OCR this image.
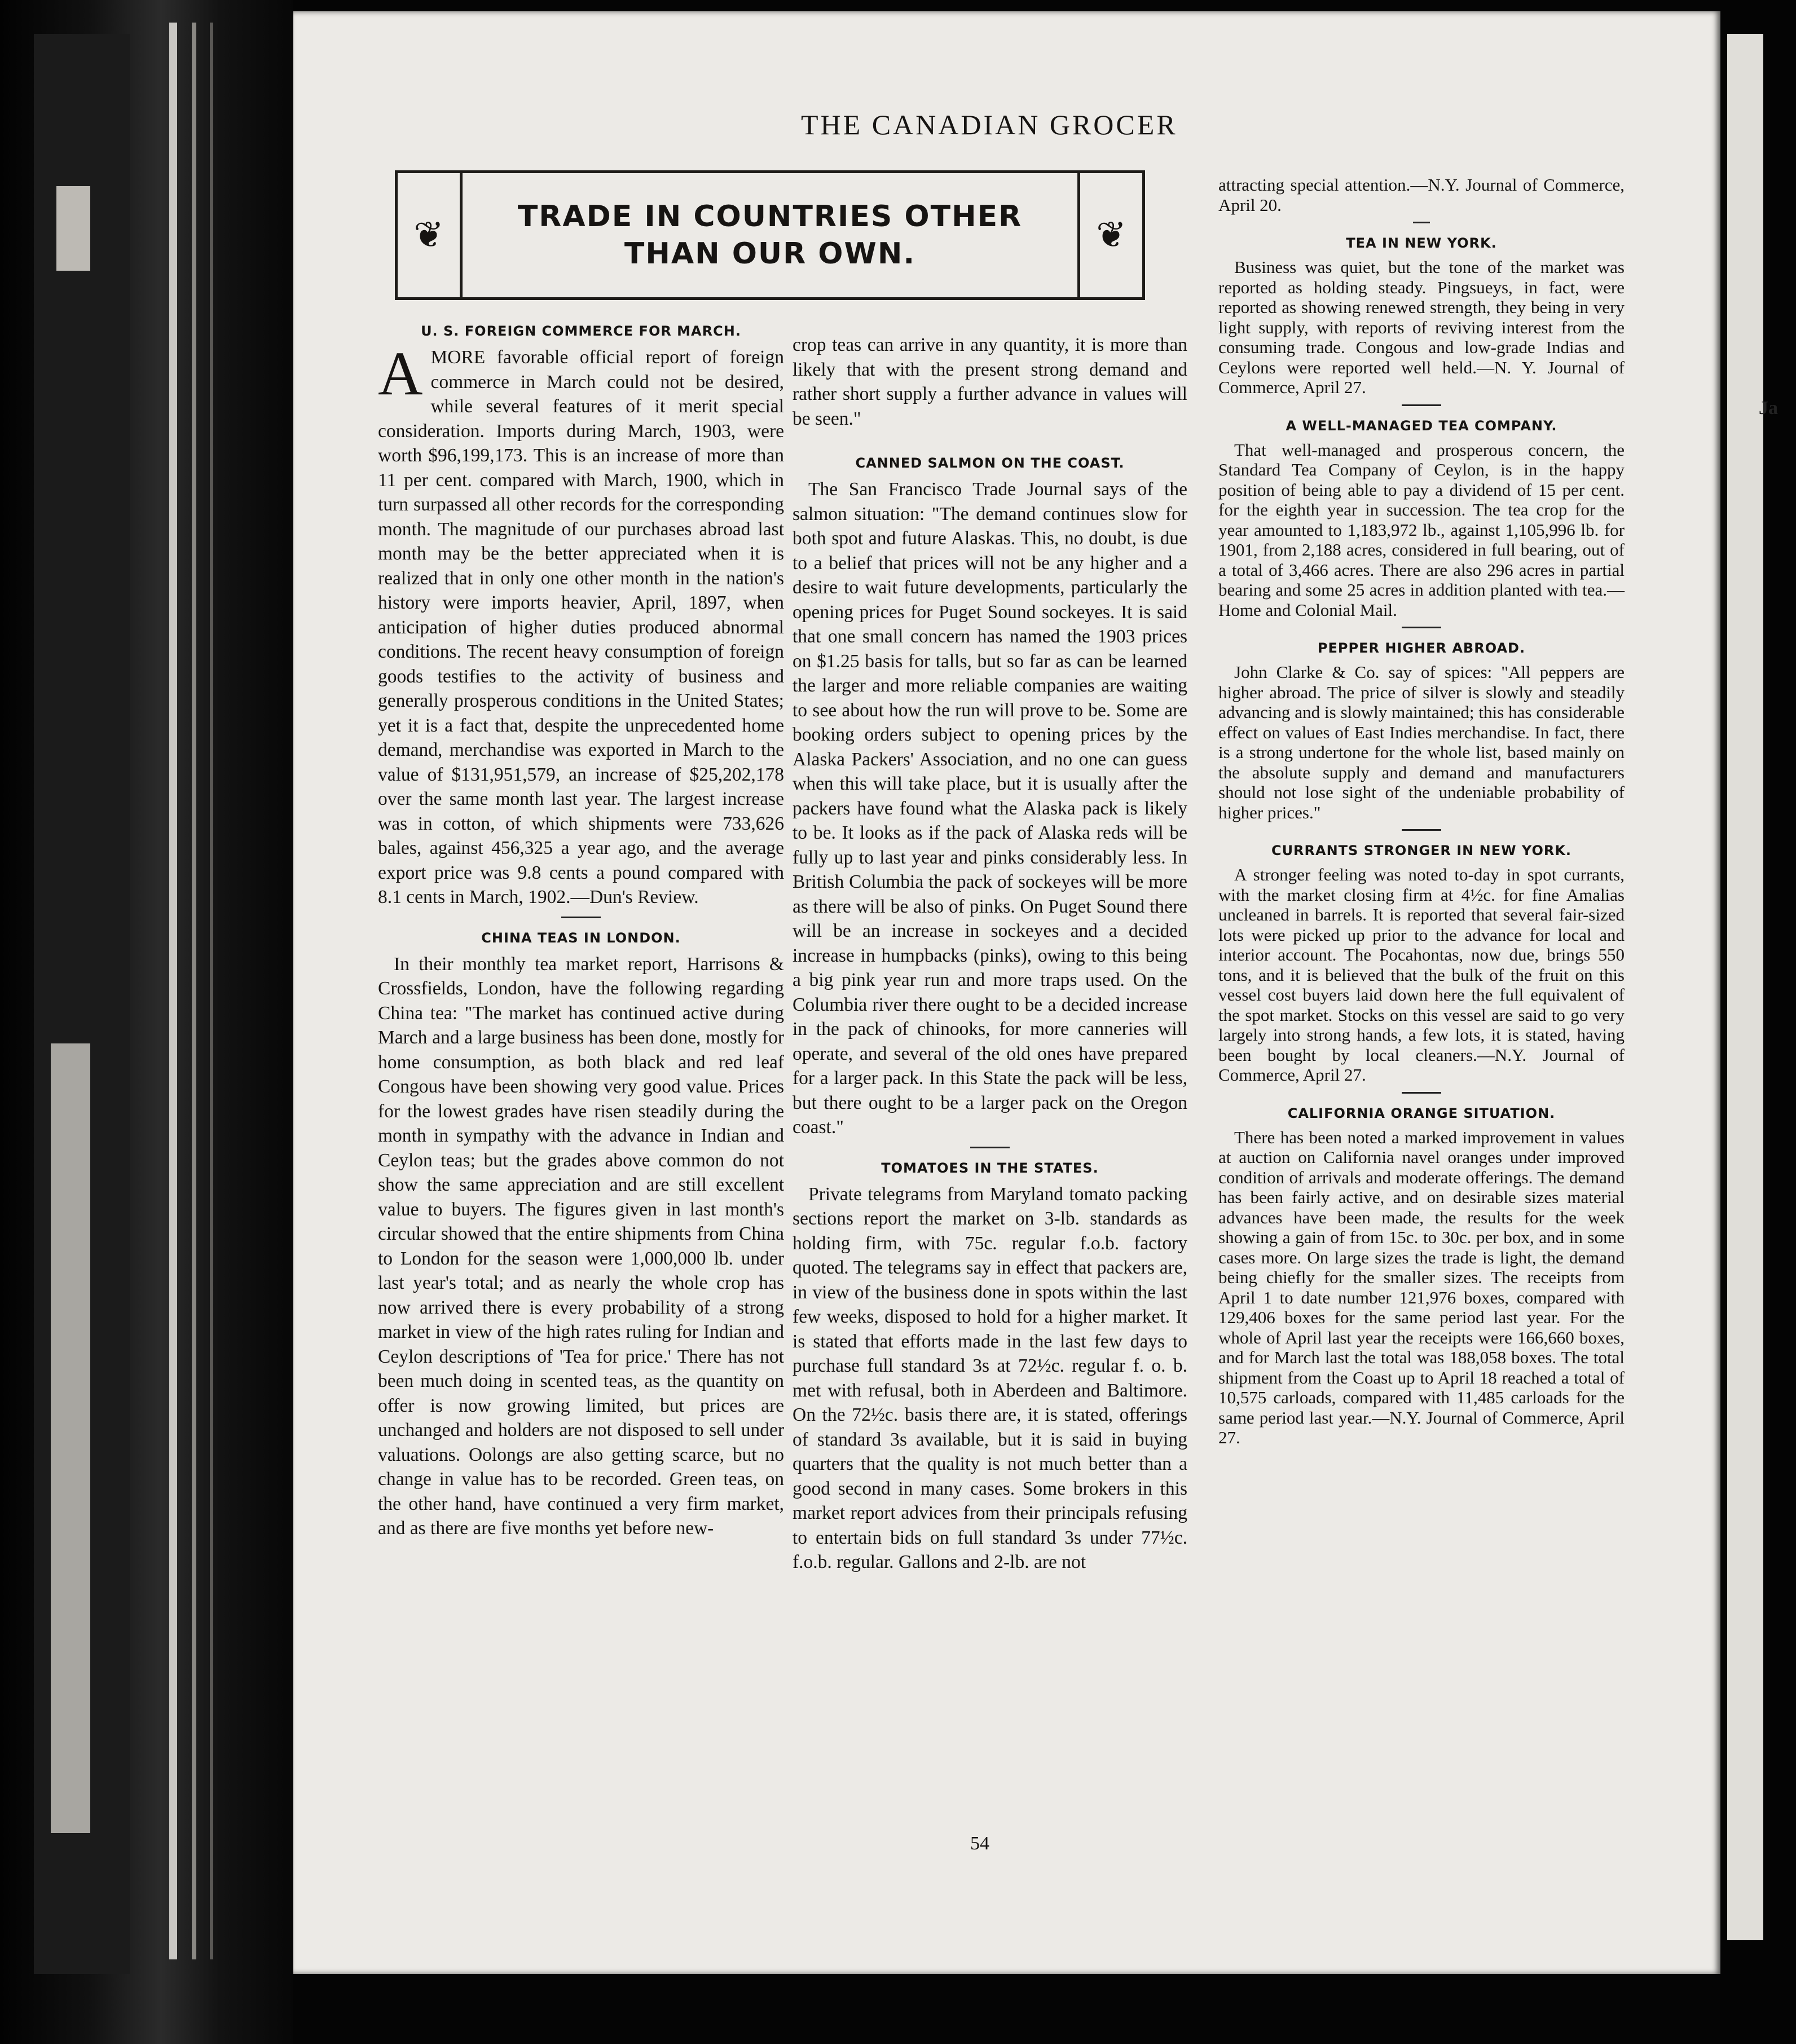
Ja
THE CANADIAN GROCER
❦	TRADE IN COUNTRIES OTHER THAN OUR OWN.	❦
U. S. FOREIGN COMMERCE FOR MARCH.

AMORE favorable official report of foreign commerce in March could not be desired, while several features of it merit special consideration. Imports during March, 1903, were worth $96,199,173. This is an increase of more than 11 per cent. compared with March, 1900, which in turn surpassed all other records for the corresponding month. The magnitude of our purchases abroad last month may be the better appreciated when it is realized that in only one other month in the nation's history were imports heavier, April, 1897, when anticipation of higher duties produced abnormal conditions. The recent heavy consumption of foreign goods testifies to the activity of business and generally prosperous conditions in the United States; yet it is a fact that, despite the unprecedented home demand, merchandise was exported in March to the value of $131,951,579, an increase of $25,202,178 over the same month last year. The largest increase was in cotton, of which shipments were 733,626 bales, against 456,325 a year ago, and the average export price was 9.8 cents a pound compared with 8.1 cents in March, 1902.—Dun's Review.

CHINA TEAS IN LONDON.

In their monthly tea market report, Harrisons & Crossfields, London, have the following regarding China tea: "The market has continued active during March and a large business has been done, mostly for home consumption, as both black and red leaf Congous have been showing very good value. Prices for the lowest grades have risen steadily during the month in sympathy with the advance in Indian and Ceylon teas; but the grades above common do not show the same appreciation and are still excellent value to buyers. The figures given in last month's circular showed that the entire shipments from China to London for the season were 1,000,000 lb. under last year's total; and as nearly the whole crop has now arrived there is every probability of a strong market in view of the high rates ruling for Indian and Ceylon descriptions of 'Tea for price.' There has not been much doing in scented teas, as the quantity on offer is now growing limited, but prices are unchanged and holders are not disposed to sell under valuations. Oolongs are also getting scarce, but no change in value has to be recorded. Green teas, on the other hand, have continued a very firm market, and as there are five months yet before new-

crop teas can arrive in any quantity, it is more than likely that with the present strong demand and rather short supply a further advance in values will be seen."

CANNED SALMON ON THE COAST.

The San Francisco Trade Journal says of the salmon situation: "The demand continues slow for both spot and future Alaskas. This, no doubt, is due to a belief that prices will not be any higher and a desire to wait future developments, particularly the opening prices for Puget Sound sockeyes. It is said that one small concern has named the 1903 prices on $1.25 basis for talls, but so far as can be learned the larger and more reliable companies are waiting to see about how the run will prove to be. Some are booking orders subject to opening prices by the Alaska Packers' Association, and no one can guess when this will take place, but it is usually after the packers have found what the Alaska pack is likely to be. It looks as if the pack of Alaska reds will be fully up to last year and pinks considerably less. In British Columbia the pack of sockeyes will be more as there will be also of pinks. On Puget Sound there will be an increase in sockeyes and a decided increase in humpbacks (pinks), owing to this being a big pink year run and more traps used. On the Columbia river there ought to be a decided increase in the pack of chinooks, for more canneries will operate, and several of the old ones have prepared for a larger pack. In this State the pack will be less, but there ought to be a larger pack on the Oregon coast."

TOMATOES IN THE STATES.

Private telegrams from Maryland tomato packing sections report the market on 3-lb. standards as holding firm, with 75c. regular f.o.b. factory quoted. The telegrams say in effect that packers are, in view of the business done in spots within the last few weeks, disposed to hold for a higher market. It is stated that efforts made in the last few days to purchase full standard 3s at 72½c. regular f. o. b. met with refusal, both in Aberdeen and Baltimore. On the 72½c. basis there are, it is stated, offerings of standard 3s available, but it is said in buying quarters that the quality is not much better than a good second in many cases. Some brokers in this market report advices from their principals refusing to entertain bids on full standard 3s under 77½c. f.o.b. regular. Gallons and 2-lb. are not

attracting special attention.—N.Y. Journal of Commerce, April 20.

TEA IN NEW YORK.

Business was quiet, but the tone of the market was reported as holding steady. Pingsueys, in fact, were reported as showing renewed strength, they being in very light supply, with reports of reviving interest from the consuming trade. Congous and low-grade Indias and Ceylons were reported well held.—N. Y. Journal of Commerce, April 27.

A WELL-MANAGED TEA COMPANY.

That well-managed and prosperous concern, the Standard Tea Company of Ceylon, is in the happy position of being able to pay a dividend of 15 per cent. for the eighth year in succession. The tea crop for the year amounted to 1,183,972 lb., against 1,105,996 lb. for 1901, from 2,188 acres, considered in full bearing, out of a total of 3,466 acres. There are also 296 acres in partial bearing and some 25 acres in addition planted with tea.—Home and Colonial Mail.

PEPPER HIGHER ABROAD.

John Clarke & Co. say of spices: "All peppers are higher abroad. The price of silver is slowly and steadily advancing and is slowly maintained; this has considerable effect on values of East Indies merchandise. In fact, there is a strong undertone for the whole list, based mainly on the absolute supply and demand and manufacturers should not lose sight of the undeniable probability of higher prices."

CURRANTS STRONGER IN NEW YORK.

A stronger feeling was noted to-day in spot currants, with the market closing firm at 4½c. for fine Amalias uncleaned in barrels. It is reported that several fair-sized lots were picked up prior to the advance for local and interior account. The Pocahontas, now due, brings 550 tons, and it is believed that the bulk of the fruit on this vessel cost buyers laid down here the full equivalent of the spot market. Stocks on this vessel are said to go very largely into strong hands, a few lots, it is stated, having been bought by local cleaners.—N.Y. Journal of Commerce, April 27.

CALIFORNIA ORANGE SITUATION.

There has been noted a marked improvement in values at auction on California navel oranges under improved condition of arrivals and moderate offerings. The demand has been fairly active, and on desirable sizes material advances have been made, the results for the week showing a gain of from 15c. to 30c. per box, and in some cases more. On large sizes the trade is light, the demand being chiefly for the smaller sizes. The receipts from April 1 to date number 121,976 boxes, compared with 129,406 boxes for the same period last year. For the whole of April last year the receipts were 166,660 boxes, and for March last the total was 188,058 boxes. The total shipment from the Coast up to April 18 reached a total of 10,575 carloads, compared with 11,485 carloads for the same period last year.—N.Y. Journal of Commerce, April 27.

54
